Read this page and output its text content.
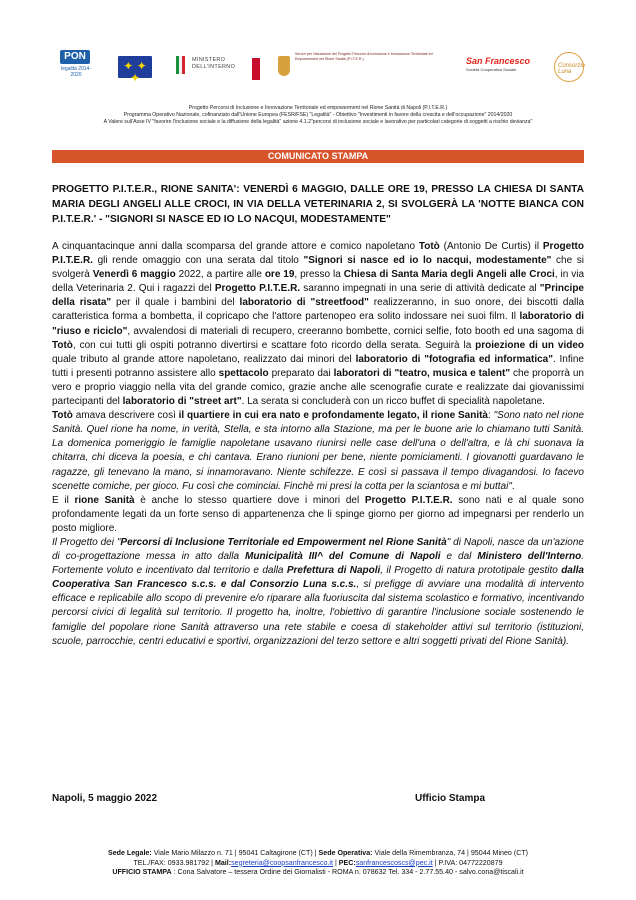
PON
legalità 2014-2020
✦ ✦ ✦
MINISTERO DELL'INTERNO
Servizi per l'attuazione del Progetto Percorsi di Inclusione e Innovazione Territoriale ed Empowerment nel Rione Sanità (P.I.T.E.R.)	San Francesco
Società Cooperativa Sociale
Consorzio Luna
Progetto Percorsi di Inclusione e Innovazione Territoriale ed empowerment nel Rione Sanità di Napoli (P.I.T.E.R.)
Programma Operativo Nazionale, cofinanziato dall'Unione Europea (FESR/FSE) "Legalità" - Obiettivo "Investimenti in favore della crescita e dell'occupazione" 2014/2020
A Valere sull'Asse IV "favorire l'inclusione sociale e la diffusione della legalità" azione 4.1.2"percorsi di inclusione sociale e lavorativo per particolari categorie di soggetti a rischio devianza"
COMUNICATO STAMPA
PROGETTO P.I.T.E.R., RIONE SANITA': VENERDÌ 6 MAGGIO, DALLE ORE 19, PRESSO LA CHIESA DI SANTA MARIA DEGLI ANGELI ALLE CROCI, IN VIA DELLA VETERINARIA 2, SI SVOLGERÀ LA 'NOTTE BIANCA CON P.I.T.E.R.' - "SIGNORI SI NASCE ED IO LO NACQUI, MODESTAMENTE"

A cinquantacinque anni dalla scomparsa del grande attore e comico napoletano Totò (Antonio De Curtis) il Progetto P.I.T.E.R. gli rende omaggio con una serata dal titolo "Signori si nasce ed io lo nacqui, modestamente" che si svolgerà Venerdì 6 maggio 2022, a partire alle ore 19, presso la Chiesa di Santa Maria degli Angeli alle Croci, in via della Veterinaria 2. Qui i ragazzi del Progetto P.I.T.E.R. saranno impegnati in una serie di attività dedicate al "Principe della risata" per il quale i bambini del laboratorio di "streetfood" realizzeranno, in suo onore, dei biscotti dalla caratteristica forma a bombetta, il copricapo che l'attore partenopeo era solito indossare nei suoi film. Il laboratorio di "riuso e riciclo", avvalendosi di materiali di recupero, creeranno bombette, cornici selfie, foto booth ed una sagoma di Totò, con cui tutti gli ospiti potranno divertirsi e scattare foto ricordo della serata. Seguirà la proiezione di un video quale tributo al grande attore napoletano, realizzato dai minori del laboratorio di "fotografia ed informatica". Infine tutti i presenti potranno assistere allo spettacolo preparato dai laboratori di "teatro, musica e talent" che proporrà un vero e proprio viaggio nella vita del grande comico, grazie anche alle scenografie curate e realizzate dai giovanissimi partecipanti del laboratorio di "street art". La serata si concluderà con un ricco buffet di specialità napoletane.

Totò amava descrivere così il quartiere in cui era nato e profondamente legato, il rione Sanità: "Sono nato nel rione Sanità. Quel rione ha nome, in verità, Stella, e sta intorno alla Stazione, ma per le buone arie lo chiamano tutti Sanità. La domenica pomeriggio le famiglie napoletane usavano riunirsi nelle case dell'una o dell'altra, e là chi suonava la chitarra, chi diceva la poesia, e chi cantava. Erano riunioni per bene, niente pomiciamenti. I giovanotti guardavano le ragazze, gli tenevano la mano, si innamoravano. Niente schifezze. E così si passava il tempo divagandosi. Io facevo scenette comiche, per gioco. Fu così che cominciai. Finchè mi presi la cotta per la sciantosa e mi buttai".

E il rione Sanità è anche lo stesso quartiere dove i minori del Progetto P.I.T.E.R. sono nati e al quale sono profondamente legati da un forte senso di appartenenza che li spinge giorno per giorno ad impegnarsi per renderlo un posto migliore.

Il Progetto dei "Percorsi di Inclusione Territoriale ed Empowerment nel Rione Sanità" di Napoli, nasce da un'azione di co-progettazione messa in atto dalla Municipalità III^ del Comune di Napoli e dal Ministero dell'Interno. Fortemente voluto e incentivato dal territorio e dalla Prefettura di Napoli, il Progetto di natura prototipale gestito dalla Cooperativa San Francesco s.c.s. e dal Consorzio Luna s.c.s., si prefigge di avviare una modalità di intervento efficace e replicabile allo scopo di prevenire e/o riparare alla fuoriuscita dal sistema scolastico e formativo, incentivando percorsi civici di legalità sul territorio. Il progetto ha, inoltre, l'obiettivo di garantire l'inclusione sociale sostenendo le famiglie del popolare rione Sanità attraverso una rete stabile e coesa di stakeholder attivi sul territorio (istituzioni, scuole, parrocchie, centri educativi e sportivi, organizzazioni del terzo settore e altri soggetti privati del Rione Sanità).

Napoli, 5 maggio 2022	Ufficio Stampa
Sede Legale: Viale Mario Milazzo n. 71 | 95041 Caltagirone (CT) | Sede Operativa: Viale della Rimembranza, 74 | 95044 Mineo (CT)
TEL./FAX: 0933.981792 | Mail:segreteria@coopsanfrancesco.it | PEC:sanfrancescoscs@pec.it | P.IVA: 04772220879
UFFICIO STAMPA : Cona Salvatore – tessera Ordine dei Giornalisti - ROMA n. 078632 Tel. 334 - 2.77.55.40 - salvo.cona@tiscali.it
